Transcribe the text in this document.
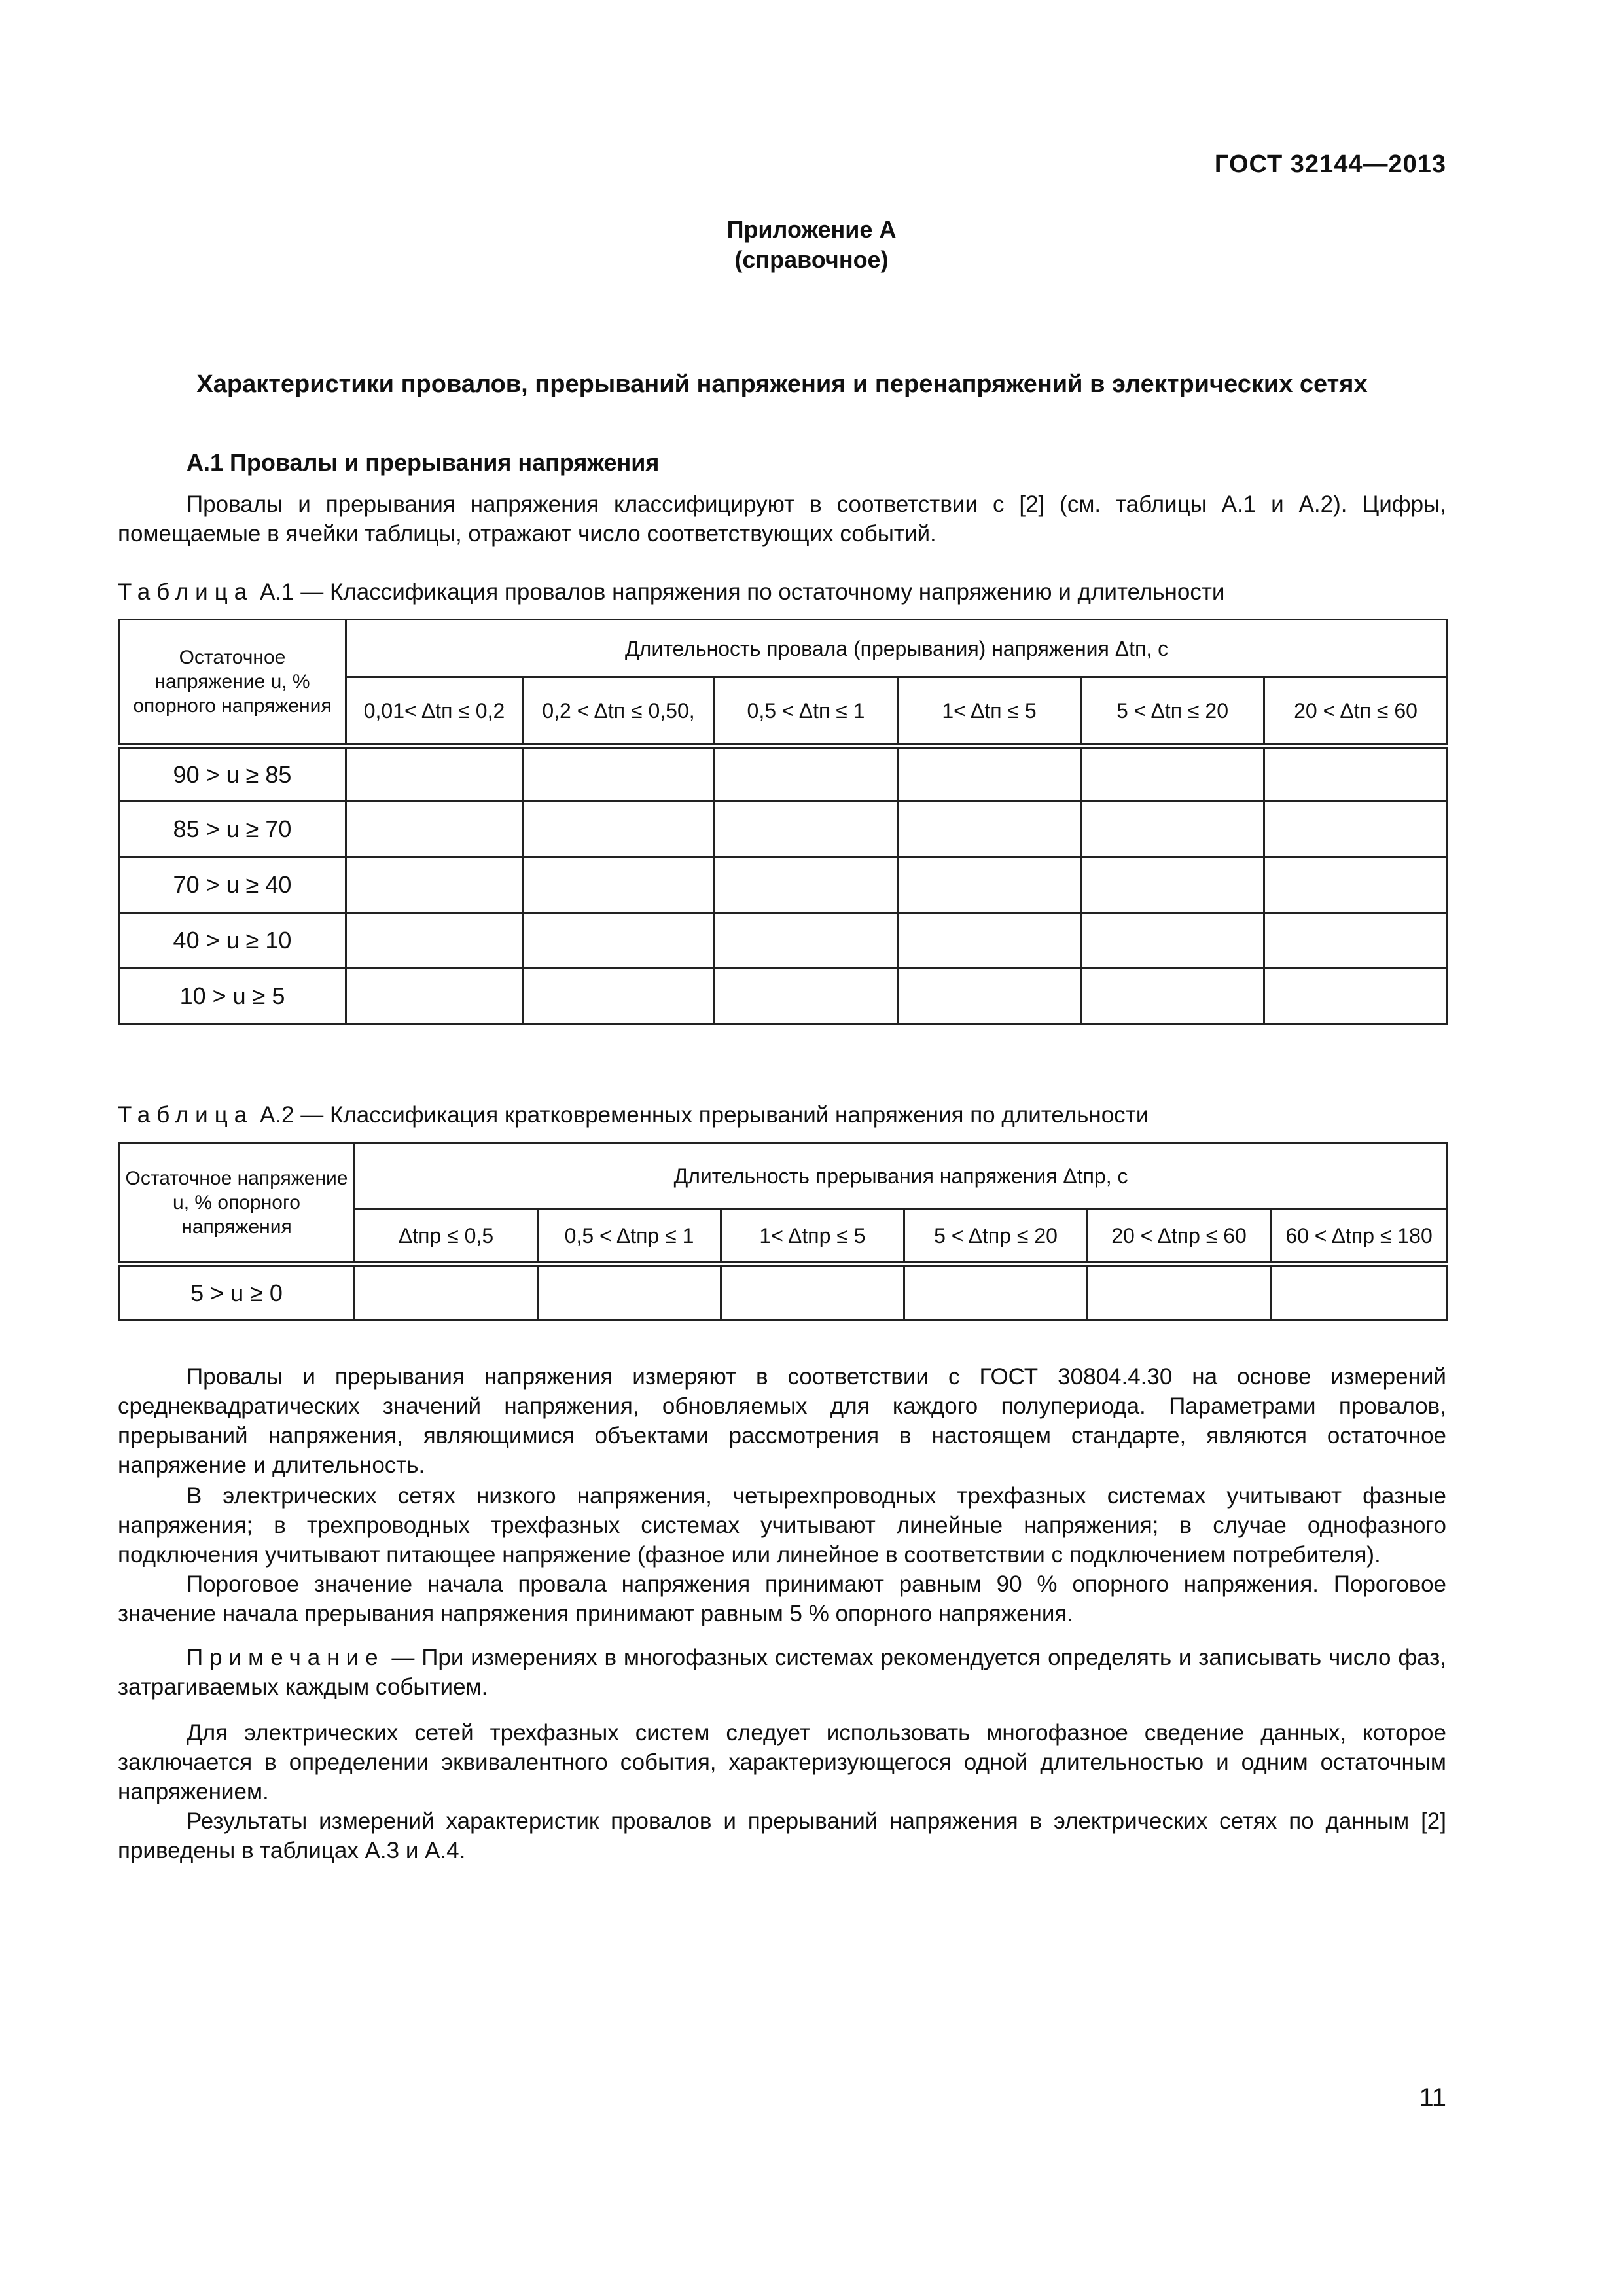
ГОСТ 32144—2013
Приложение А
(справочное)
Характеристики провалов, прерываний напряжения и перенапряжений в электрических сетях
А.1 Провалы и прерывания напряжения

Провалы и прерывания напряжения классифицируют в соответствии с [2] (см. таблицы А.1 и А.2). Цифры, помещаемые в ячейки таблицы, отражают число соответствующих событий.

Таблица А.1 — Классификация провалов напряжения по остаточному напряжению и длительности
Остаточное напряжение u, % опорного напряжения	Длительность провала (прерывания) напряжения Δtп, с					
	0,01< Δtп ≤ 0,2	0,2 < Δtп ≤ 0,50,	0,5 < Δtп ≤ 1	1< Δtп ≤ 5	5 < Δtп ≤ 20	20 < Δtп ≤ 60
90 > u ≥ 85						
85 > u ≥ 70						
70 > u ≥ 40						
40 > u ≥ 10						
10 > u ≥ 5						
Таблица А.2 — Классификация кратковременных прерываний напряжения по длительности
Остаточное напряжение u, % опорного напряжения	Длительность прерывания напряжения Δtпр, с					
	Δtпр ≤ 0,5	0,5 < Δtпр ≤ 1	1< Δtпр ≤ 5	5 < Δtпр ≤ 20	20 < Δtпр ≤ 60	60 < Δtпр ≤ 180
5 > u ≥ 0						

Провалы и прерывания напряжения измеряют в соответствии с ГОСТ 30804.4.30 на основе измерений среднеквадратических значений напряжения, обновляемых для каждого полупериода. Параметрами провалов, прерываний напряжения, являющимися объектами рассмотрения в настоящем стандарте, являются остаточное напряжение и длительность.

В электрических сетях низкого напряжения, четырехпроводных трехфазных системах учитывают фазные напряжения; в трехпроводных трехфазных системах учитывают линейные напряжения; в случае однофазного подключения учитывают питающее напряжение (фазное или линейное в соответствии с подключением потребителя).

Пороговое значение начала провала напряжения принимают равным 90 % опорного напряжения. Пороговое значение начала прерывания напряжения принимают равным 5 % опорного напряжения.

Примечание — При измерениях в многофазных системах рекомендуется определять и записывать число фаз, затрагиваемых каждым событием.

Для электрических сетей трехфазных систем следует использовать многофазное сведение данных, которое заключается в определении эквивалентного события, характеризующегося одной длительностью и одним остаточным напряжением.

Результаты измерений характеристик провалов и прерываний напряжения в электрических сетях по данным [2] приведены в таблицах А.3 и А.4.

11
